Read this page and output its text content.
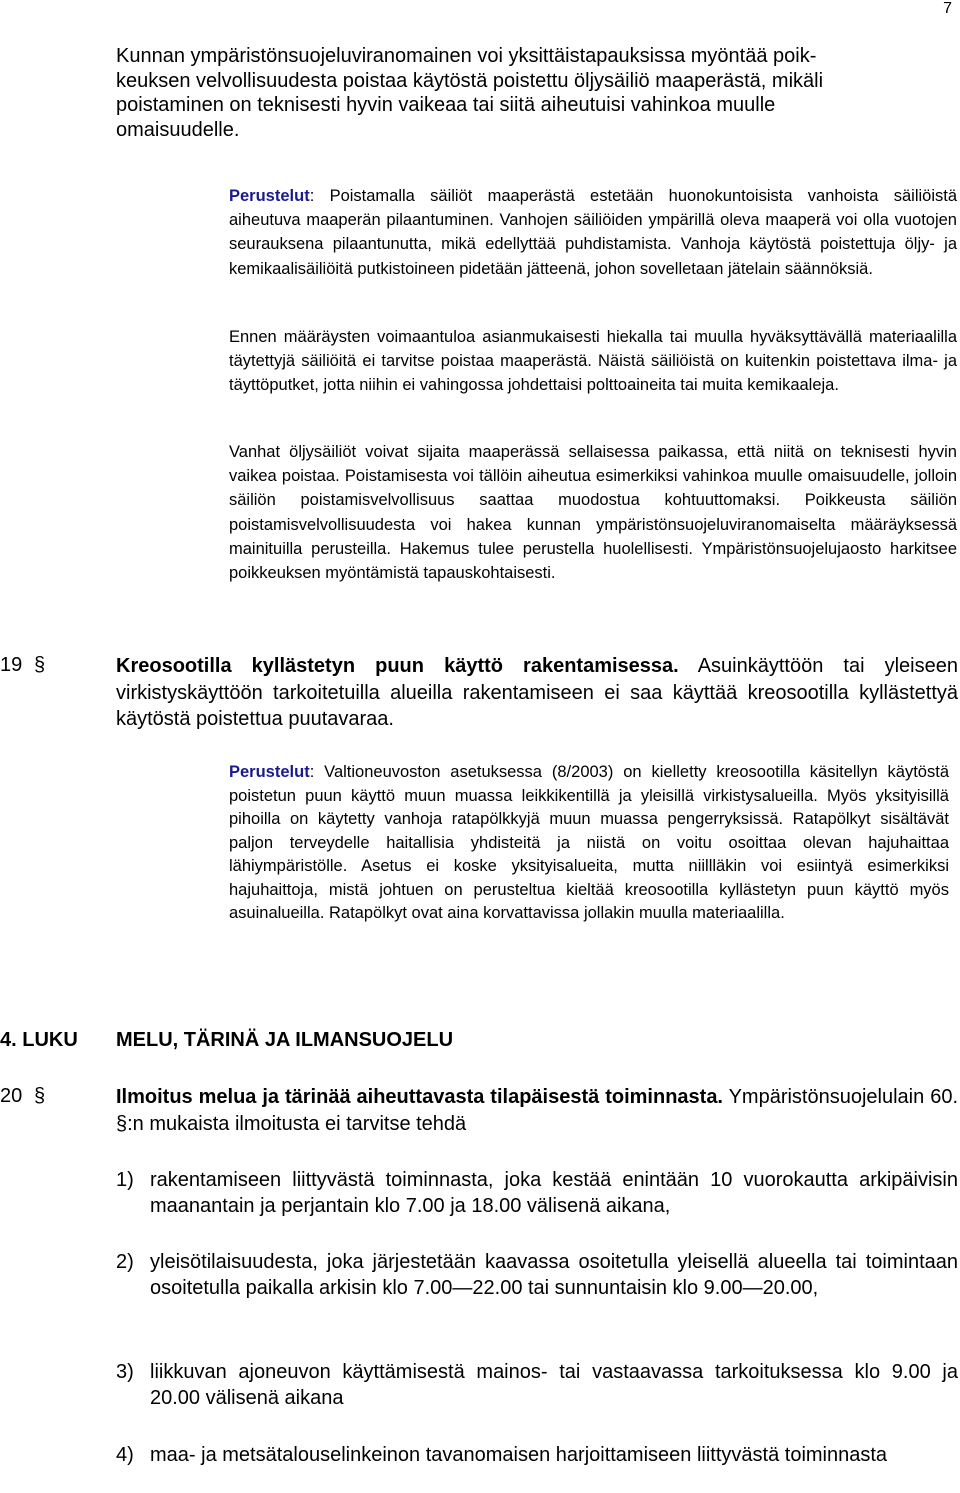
7
Kunnan ympäristönsuojeluviranomainen voi yksittäistapauksissa myöntää poik-
keuksen velvollisuudesta poistaa käytöstä poistettu öljysäiliö maaperästä, mikäli
poistaminen on teknisesti hyvin vaikeaa tai siitä aiheutuisi vahinkoa muulle
omaisuudelle.
Perustelut: Poistamalla säiliöt maaperästä estetään huonokuntoisista vanhoista säiliöistä aiheutuva maaperän pilaantuminen. Vanhojen säiliöiden ympärillä oleva maaperä voi olla vuotojen seurauksena pilaantunutta, mikä edellyttää puhdistamista. Vanhoja käytöstä poistettuja öljy- ja kemikaalisäiliöitä putkistoineen pidetään jätteenä, johon sovelletaan jätelain säännöksiä.
Ennen määräysten voimaantuloa asianmukaisesti hiekalla tai muulla hyväksyttävällä materiaalilla täytettyjä säiliöitä ei tarvitse poistaa maaperästä. Näistä säiliöistä on kuitenkin poistettava ilma- ja täyttöputket, jotta niihin ei vahingossa johdettaisi polttoaineita tai muita kemikaaleja.
Vanhat öljysäiliöt voivat sijaita maaperässä sellaisessa paikassa, että niitä on teknisesti hyvin vaikea poistaa. Poistamisesta voi tällöin aiheutua esimerkiksi vahinkoa muulle omaisuudelle, jolloin säiliön poistamisvelvollisuus saattaa muodostua kohtuuttomaksi. Poikkeusta säiliön poistamisvelvollisuudesta voi hakea kunnan ympäristönsuojeluviranomaiselta määräyksessä mainituilla perusteilla. Hakemus tulee perustella huolellisesti. Ympäristönsuojelujaosto harkitsee poikkeuksen myöntämistä tapauskohtaisesti.
19 §	Kreosootilla kyllästetyn puun käyttö rakentamisessa. Asuinkäyttöön tai yleiseen virkistyskäyttöön tarkoitetuilla alueilla rakentamiseen ei saa käyttää kreosootilla kyllästettyä käytöstä poistettua puutavaraa.
Perustelut: Valtioneuvoston asetuksessa (8/2003) on kielletty kreosootilla käsitellyn käytöstä poistetun puun käyttö muun muassa leikkikentillä ja yleisillä virkistysalueilla. Myös yksityisillä pihoilla on käytetty vanhoja ratapölkkyjä muun muassa pengerryksissä. Ratapölkyt sisältävät paljon terveydelle haitallisia yhdisteitä ja niistä on voitu osoittaa olevan hajuhaittaa lähiympäristölle. Asetus ei koske yksityisalueita, mutta niillläkin voi esiintyä esimerkiksi hajuhaittoja, mistä johtuen on perusteltua kieltää kreosootilla kyllästetyn puun käyttö myös asuinalueilla. Ratapölkyt ovat aina korvattavissa jollakin muulla materiaalilla.
4. LUKU MELU, TÄRINÄ JA ILMANSUOJELU
20 §	Ilmoitus melua ja tärinää aiheuttavasta tilapäisestä toiminnasta. Ympäristönsuojelulain 60. §:n mukaista ilmoitusta ei tarvitse tehdä
1) rakentamiseen liittyvästä toiminnasta, joka kestää enintään 10 vuorokautta arkipäivisin maanantain ja perjantain klo 7.00 ja 18.00 välisenä aikana,
2) yleisötilaisuudesta, joka järjestetään kaavassa osoitetulla yleisellä alueella tai toimintaan osoitetulla paikalla arkisin klo 7.00—22.00 tai sunnuntaisin klo 9.00—20.00,
3) liikkuvan ajoneuvon käyttämisestä mainos- tai vastaavassa tarkoituksessa klo 9.00 ja 20.00 välisenä aikana
4) maa- ja metsätalouselinkeinon tavanomaisen harjoittamiseen liittyvästä toiminnasta
